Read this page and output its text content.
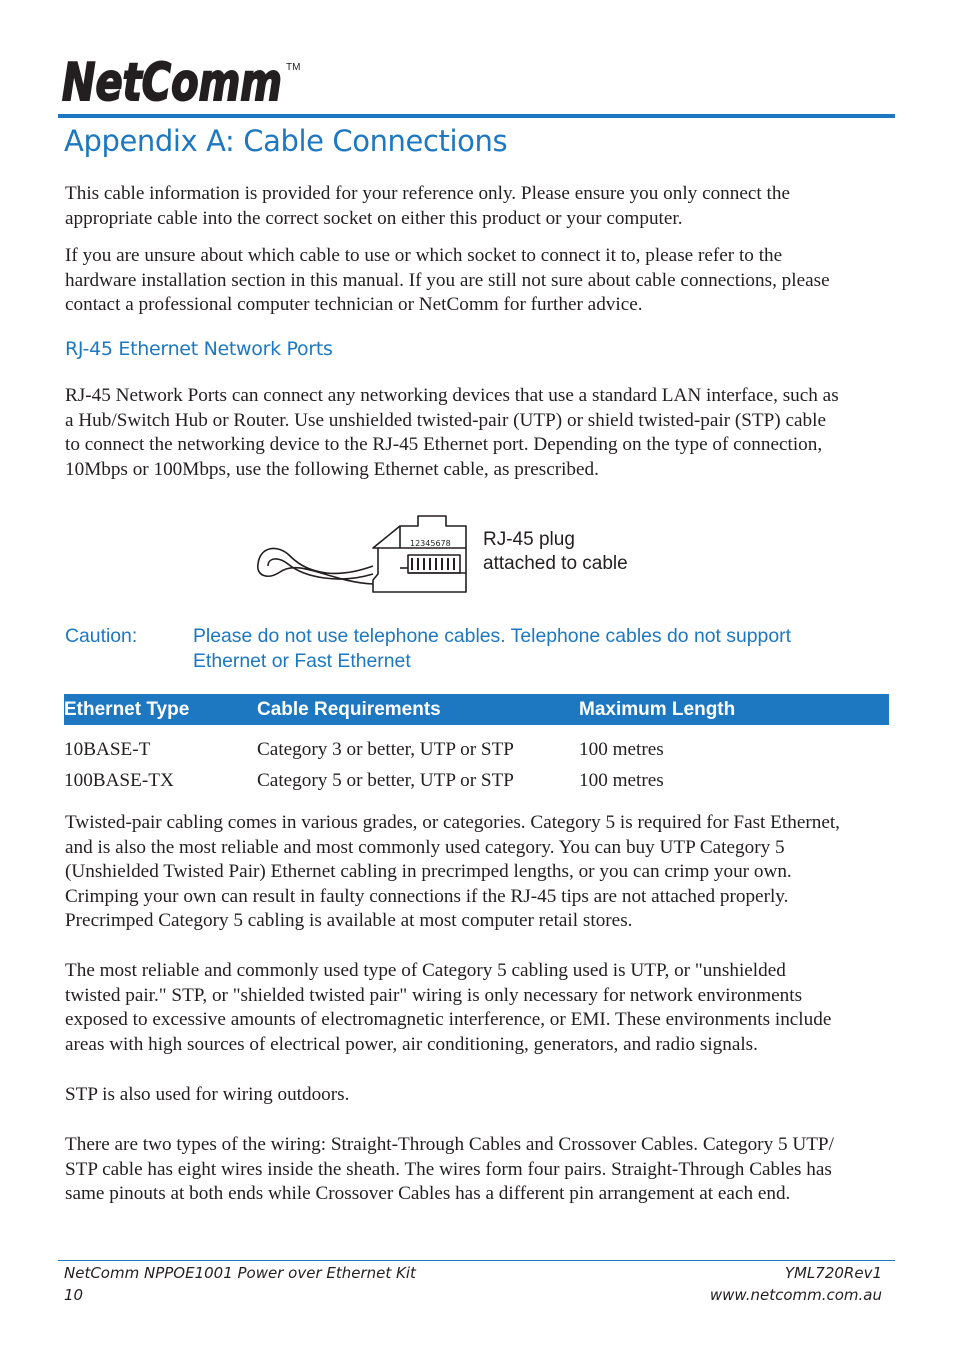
NetComm TM
Appendix A: Cable Connections
This cable information is provided for your reference only. Please ensure you only connect the
appropriate cable into the correct socket on either this product or your computer.
If you are unsure about which cable to use or which socket to connect it to, please refer to the
hardware installation section in this manual. If you are still not sure about cable connections, please
contact a professional computer technician or NetComm for further advice.
RJ-45 Ethernet Network Ports
RJ-45 Network Ports can connect any networking devices that use a standard LAN interface, such as
a Hub/Switch Hub or Router. Use unshielded twisted-pair (UTP) or shield twisted-pair (STP) cable
to connect the networking device to the RJ-45 Ethernet port. Depending on the type of connection,
10Mbps or 100Mbps, use the following Ethernet cable, as prescribed.
12345678 RJ-45 plug
attached to cable
Caution:	Please do not use telephone cables. Telephone cables do not support
Ethernet or Fast Ethernet
Ethernet Type	Cable Requirements	Maximum Length
10BASE-T	Category 3 or better, UTP or STP	100 metres
100BASE-TX	Category 5 or better, UTP or STP	100 metres
Twisted-pair cabling comes in various grades, or categories. Category 5 is required for Fast Ethernet,
and is also the most reliable and most commonly used category. You can buy UTP Category 5
(Unshielded Twisted Pair) Ethernet cabling in precrimped lengths, or you can crimp your own.
Crimping your own can result in faulty connections if the RJ-45 tips are not attached properly.
Precrimped Category 5 cabling is available at most computer retail stores.
The most reliable and commonly used type of Category 5 cabling used is UTP, or "unshielded
twisted pair." STP, or "shielded twisted pair" wiring is only necessary for network environments
exposed to excessive amounts of electromagnetic interference, or EMI. These environments include
areas with high sources of electrical power, air conditioning, generators, and radio signals.
STP is also used for wiring outdoors.
There are two types of the wiring: Straight-Through Cables and Crossover Cables. Category 5 UTP/
STP cable has eight wires inside the sheath. The wires form four pairs. Straight-Through Cables has
same pinouts at both ends while Crossover Cables has a different pin arrangement at each end.
NetComm NPPOE1001 Power over Ethernet Kit
10
YML720Rev1
www.netcomm.com.au
